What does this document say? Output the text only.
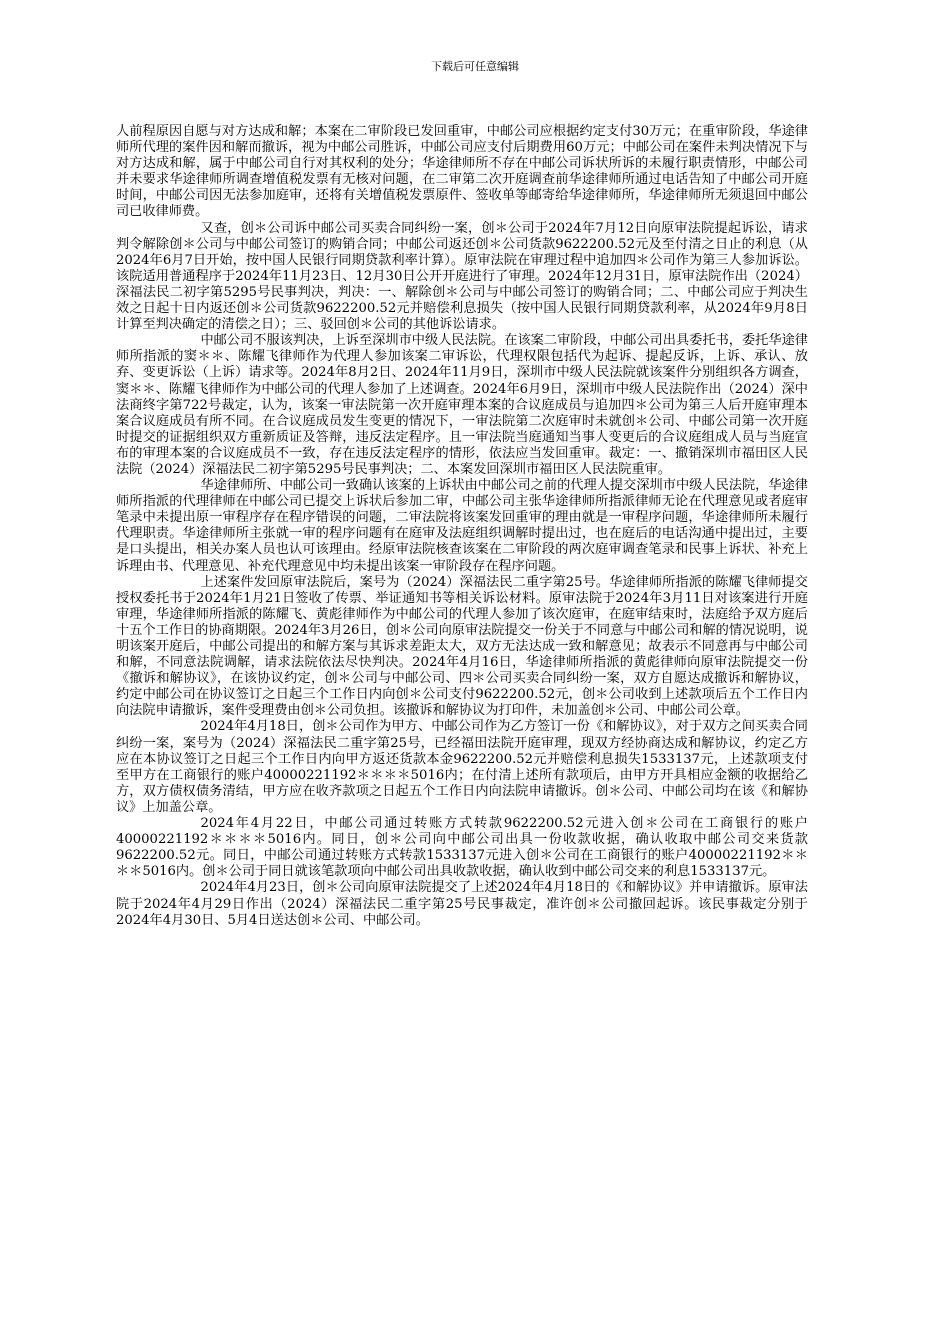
下载后可任意编辑

人前程原因自愿与对方达成和解；本案在二审阶段已发回重审，中邮公司应根据约定支付30万元；在重审阶段，华途律师所代理的案件因和解而撤诉，视为中邮公司胜诉，中邮公司应支付后期费用60万元；中邮公司在案件未判决情况下与对方达成和解，属于中邮公司自行对其权利的处分；华途律师所不存在中邮公司诉状所诉的未履行职责情形，中邮公司并未要求华途律师所调查增值税发票有无核对问题，在二审第二次开庭调查前华途律师所通过电话告知了中邮公司开庭时间，中邮公司因无法参加庭审，还将有关增值税发票原件、签收单等邮寄给华途律师所，华途律师所无须退回中邮公司已收律师费。

又查，创＊公司诉中邮公司买卖合同纠纷一案，创＊公司于2024年7月12日向原审法院提起诉讼，请求判令解除创＊公司与中邮公司签订的购销合同；中邮公司返还创＊公司货款9622200.52元及至付清之日止的利息（从2024年6月7日开始，按中国人民银行同期贷款利率计算）。原审法院在审理过程中追加四＊公司作为第三人参加诉讼。该院适用普通程序于2024年11月23日、12月30日公开开庭进行了审理。2024年12月31日，原审法院作出（2024）深福法民二初字第5295号民事判决，判决：一、解除创＊公司与中邮公司签订的购销合同；二、中邮公司应于判决生效之日起十日内返还创＊公司货款9622200.52元并赔偿利息损失（按中国人民银行同期贷款利率，从2024年9月8日计算至判决确定的清偿之日）；三、驳回创＊公司的其他诉讼请求。

中邮公司不服该判决，上诉至深圳市中级人民法院。在该案二审阶段，中邮公司出具委托书，委托华途律师所指派的窦＊＊、陈耀飞律师作为代理人参加该案二审诉讼，代理权限包括代为起诉、提起反诉，上诉、承认、放弃、变更诉讼（上诉）请求等。2024年8月2日、2024年11月9日，深圳市中级人民法院就该案件分别组织各方调查，窦＊＊、陈耀飞律师作为中邮公司的代理人参加了上述调查。2024年6月9日，深圳市中级人民法院作出（2024）深中法商终字第722号裁定，认为，该案一审法院第一次开庭审理本案的合议庭成员与追加四＊公司为第三人后开庭审理本案合议庭成员有所不同。在合议庭成员发生变更的情况下，一审法院第二次庭审时未就创＊公司、中邮公司第一次开庭时提交的证据组织双方重新质证及答辩，违反法定程序。且一审法院当庭通知当事人变更后的合议庭组成人员与当庭宣布的审理本案的合议庭成员不一致，存在违反法定程序的情形，依法应当发回重审。裁定：一、撤销深圳市福田区人民法院（2024）深福法民二初字第5295号民事判决；二、本案发回深圳市福田区人民法院重审。

华途律师所、中邮公司一致确认该案的上诉状由中邮公司之前的代理人提交深圳市中级人民法院，华途律师所指派的代理律师在中邮公司已提交上诉状后参加二审，中邮公司主张华途律师所指派律师无论在代理意见或者庭审笔录中未提出原一审程序存在程序错误的问题，二审法院将该案发回重审的理由就是一审程序问题，华途律师所未履行代理职责。华途律师所主张就一审的程序问题有在庭审及法庭组织调解时提出过，也在庭后的电话沟通中提出过，主要是口头提出，相关办案人员也认可该理由。经原审法院核查该案在二审阶段的两次庭审调查笔录和民事上诉状、补充上诉理由书、代理意见、补充代理意见中均未提出该案一审阶段存在程序问题。

上述案件发回原审法院后，案号为（2024）深福法民二重字第25号。华途律师所指派的陈耀飞律师提交授权委托书于2024年1月21日签收了传票、举证通知书等相关诉讼材料。原审法院于2024年3月11日对该案进行开庭审理，华途律师所指派的陈耀飞、黄彪律师作为中邮公司的代理人参加了该次庭审，在庭审结束时，法庭给予双方庭后十五个工作日的协商期限。2024年3月26日，创＊公司向原审法院提交一份关于不同意与中邮公司和解的情况说明，说明该案开庭后，中邮公司提出的和解方案与其诉求差距太大，双方无法达成一致和解意见；故表示不同意再与中邮公司和解，不同意法院调解，请求法院依法尽快判决。2024年4月16日，华途律师所指派的黄彪律师向原审法院提交一份《撤诉和解协议》，在该协议约定，创＊公司与中邮公司、四＊公司买卖合同纠纷一案，双方自愿达成撤诉和解协议，约定中邮公司在协议签订之日起三个工作日内向创＊公司支付9622200.52元，创＊公司收到上述款项后五个工作日内向法院申请撤诉，案件受理费由创＊公司负担。该撤诉和解协议为打印件，未加盖创＊公司、中邮公司公章。

2024年4月18日，创＊公司作为甲方、中邮公司作为乙方签订一份《和解协议》，对于双方之间买卖合同纠纷一案，案号为（2024）深福法民二重字第25号，已经福田法院开庭审理，现双方经协商达成和解协议，约定乙方应在本协议签订之日起三个工作日内向甲方返还货款本金9622200.52元并赔偿利息损失1533137元，上述款项支付至甲方在工商银行的账户40000221192＊＊＊＊5016内；在付清上述所有款项后，由甲方开具相应金额的收据给乙方，双方债权债务清结，甲方应在收齐款项之日起五个工作日内向法院申请撤诉。创＊公司、中邮公司均在该《和解协议》上加盖公章。

2024年4月22日，中邮公司通过转账方式转款9622200.52元进入创＊公司在工商银行的账户40000221192＊＊＊＊5016内。同日，创＊公司向中邮公司出具一份收款收据，确认收取中邮公司交来货款9622200.52元。同日，中邮公司通过转账方式转款1533137元进入创＊公司在工商银行的账户40000221192＊＊＊＊5016内。创＊公司于同日就该笔款项向中邮公司出具收款收据，确认收到中邮公司交来的利息1533137元。

2024年4月23日，创＊公司向原审法院提交了上述2024年4月18日的《和解协议》并申请撤诉。原审法院于2024年4月29日作出（2024）深福法民二重字第25号民事裁定，准许创＊公司撤回起诉。该民事裁定分别于2024年4月30日、5月4日送达创＊公司、中邮公司。
